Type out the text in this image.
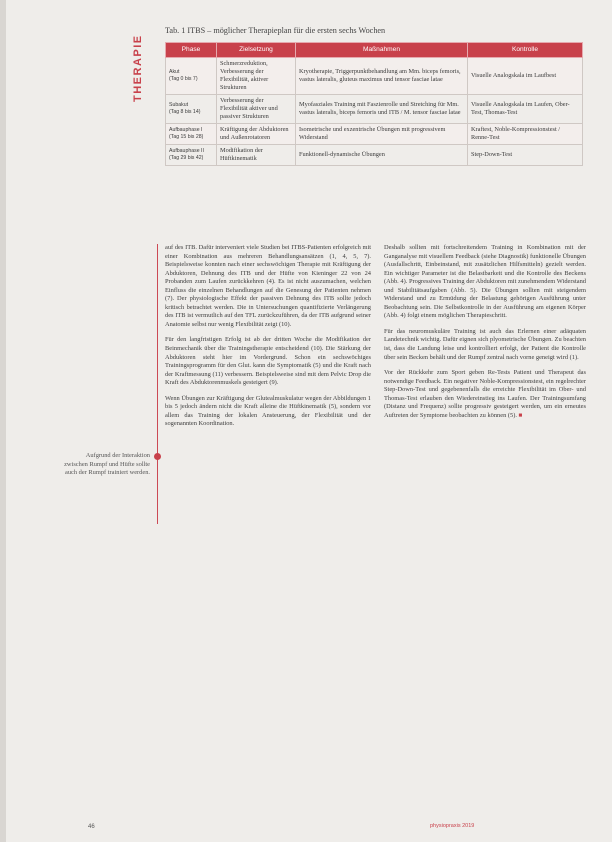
THERAPIE
Tab. 1 ITBS – möglicher Therapieplan für die ersten sechs Wochen
Phase	Zielsetzung	Maßnahmen	Kontrolle
Akut
(Tag 0 bis 7)	Schmerzreduktion, Verbesserung der Flexibilität, aktiver Strukturen	Kryotherapie, Triggerpunktbehandlung am Mm. biceps femoris, vastus lateralis, gluteus maximus und tensor fasciae latae	Visuelle Analogskala im Laufbest
Subakut
(Tag 8 bis 14)	Verbesserung der Flexibilität aktiver und passiver Strukturen	Myofasziales Training mit Faszienrolle und Stretching für Mm. vastus lateralis, biceps femoris und ITB / M. tensor fasciae latae	Visuelle Analogskala im Laufen, Ober-Test, Thomas-Test
Aufbauphase I
(Tag 15 bis 28)	Kräftigung der Abduktoren und Außenrotatoren	Isometrische und exzentrische Übungen mit progressivem Widerstand	Kraftest, Noble-Kompressionstest / Renne-Test
Aufbauphase II
(Tag 29 bis 42)	Modifikation der Hüftkinematik	Funktionell-dynamische Übungen	Step-Down-Test
Aufgrund der Interaktion zwischen Rumpf und Hüfte sollte auch der Rumpf trainiert werden.

auf des ITB. Dafür interveniert viele Studien bei ITBS-Patienten erfolgreich mit einer Kombination aus mehreren Behandlungsansätzen (1, 4, 5, 7). Beispielsweise konnten nach einer sechswöchigen Therapie mit Kräftigung der Abduktoren, Dehnung des ITB und der Hüfte von Kieninger 22 von 24 Probanden zum Laufen zurückkehren (4). Es ist nicht auszumachen, welchen Einfluss die einzelnen Behandlungen auf die Genesung der Patienten nehmen (7). Der physiologische Effekt der passiven Dehnung des ITB sollte jedoch kritisch betrachtet werden. Die in Untersuchungen quantifizierte Verlängerung des ITB ist vermutlich auf den TFL zurückzuführen, da der ITB aufgrund seiner Anatomie selbst nur wenig Flexibilität zeigt (10).

Für den langfristigen Erfolg ist ab der dritten Woche die Modifikation der Beinmechanik über die Trainingstherapie entscheidend (10). Die Stärkung der Abduktoren steht hier im Vordergrund. Schon ein sechswöchiges Trainingsprogramm für den Glut. kann die Symptomatik (5) und die Kraft nach der Kraftmessung (11) verbessern. Beispielsweise sind mit dem Pelvic Drop die Kraft des Abduktorenmuskels gesteigert (9).

Wenn Übungen zur Kräftigung der Glutealmuskulatur wegen der Abbildungen 1 bis 5 jedoch ändern nicht die Kraft alleine die Hüftkinematik (5), sondern vor allem das Training der lokalen Ansteuerung, der Flexibilität und der sogenannten Koordination.

Deshalb sollten mit fortschreitendem Training in Kombination mit der Ganganalyse mit visuellem Feedback (siehe Diagnostik) funktionelle Übungen (Ausfallschritt, Einbeinstand, mit zusätzlichen Hilfsmitteln) gezielt werden. Ein wichtiger Parameter ist die Belastbarkeit und die Kontrolle des Beckens (Abb. 4). Progressives Training der Abduktoren mit zunehmendem Widerstand und Stabilitätsaufgaben (Abb. 5). Die Übungen sollten mit steigendem Widerstand und zu Ermüdung der Belastung gehörigen Ausführung unter Beobachtung sein. Die Selbstkontrolle in der Ausführung am eigenen Körper (Abb. 4) folgt einem möglichen Therapieschritt.

Für das neuromuskuläre Training ist auch das Erlernen einer adäquaten Landetechnik wichtig. Dafür eignen sich plyometrische Übungen. Zu beachten ist, dass die Landung leise und kontrolliert erfolgt, der Patient die Kontrolle über sein Becken behält und der Rumpf zentral nach vorne geneigt wird (1).

Vor der Rückkehr zum Sport geben Re-Tests Patient und Therapeut das notwendige Feedback. Ein negativer Noble-Kompressionstest, ein regelrechter Step-Down-Test und gegebenenfalls die erreichte Flexibilität im Ober- und Thomas-Test erlauben den Wiedereinstieg ins Laufen. Der Trainingsumfang (Distanz und Frequenz) sollte progressiv gesteigert werden, um ein erneutes Auftreten der Symptome beobachten zu können (5). ■

46	physiopraxis 2019
